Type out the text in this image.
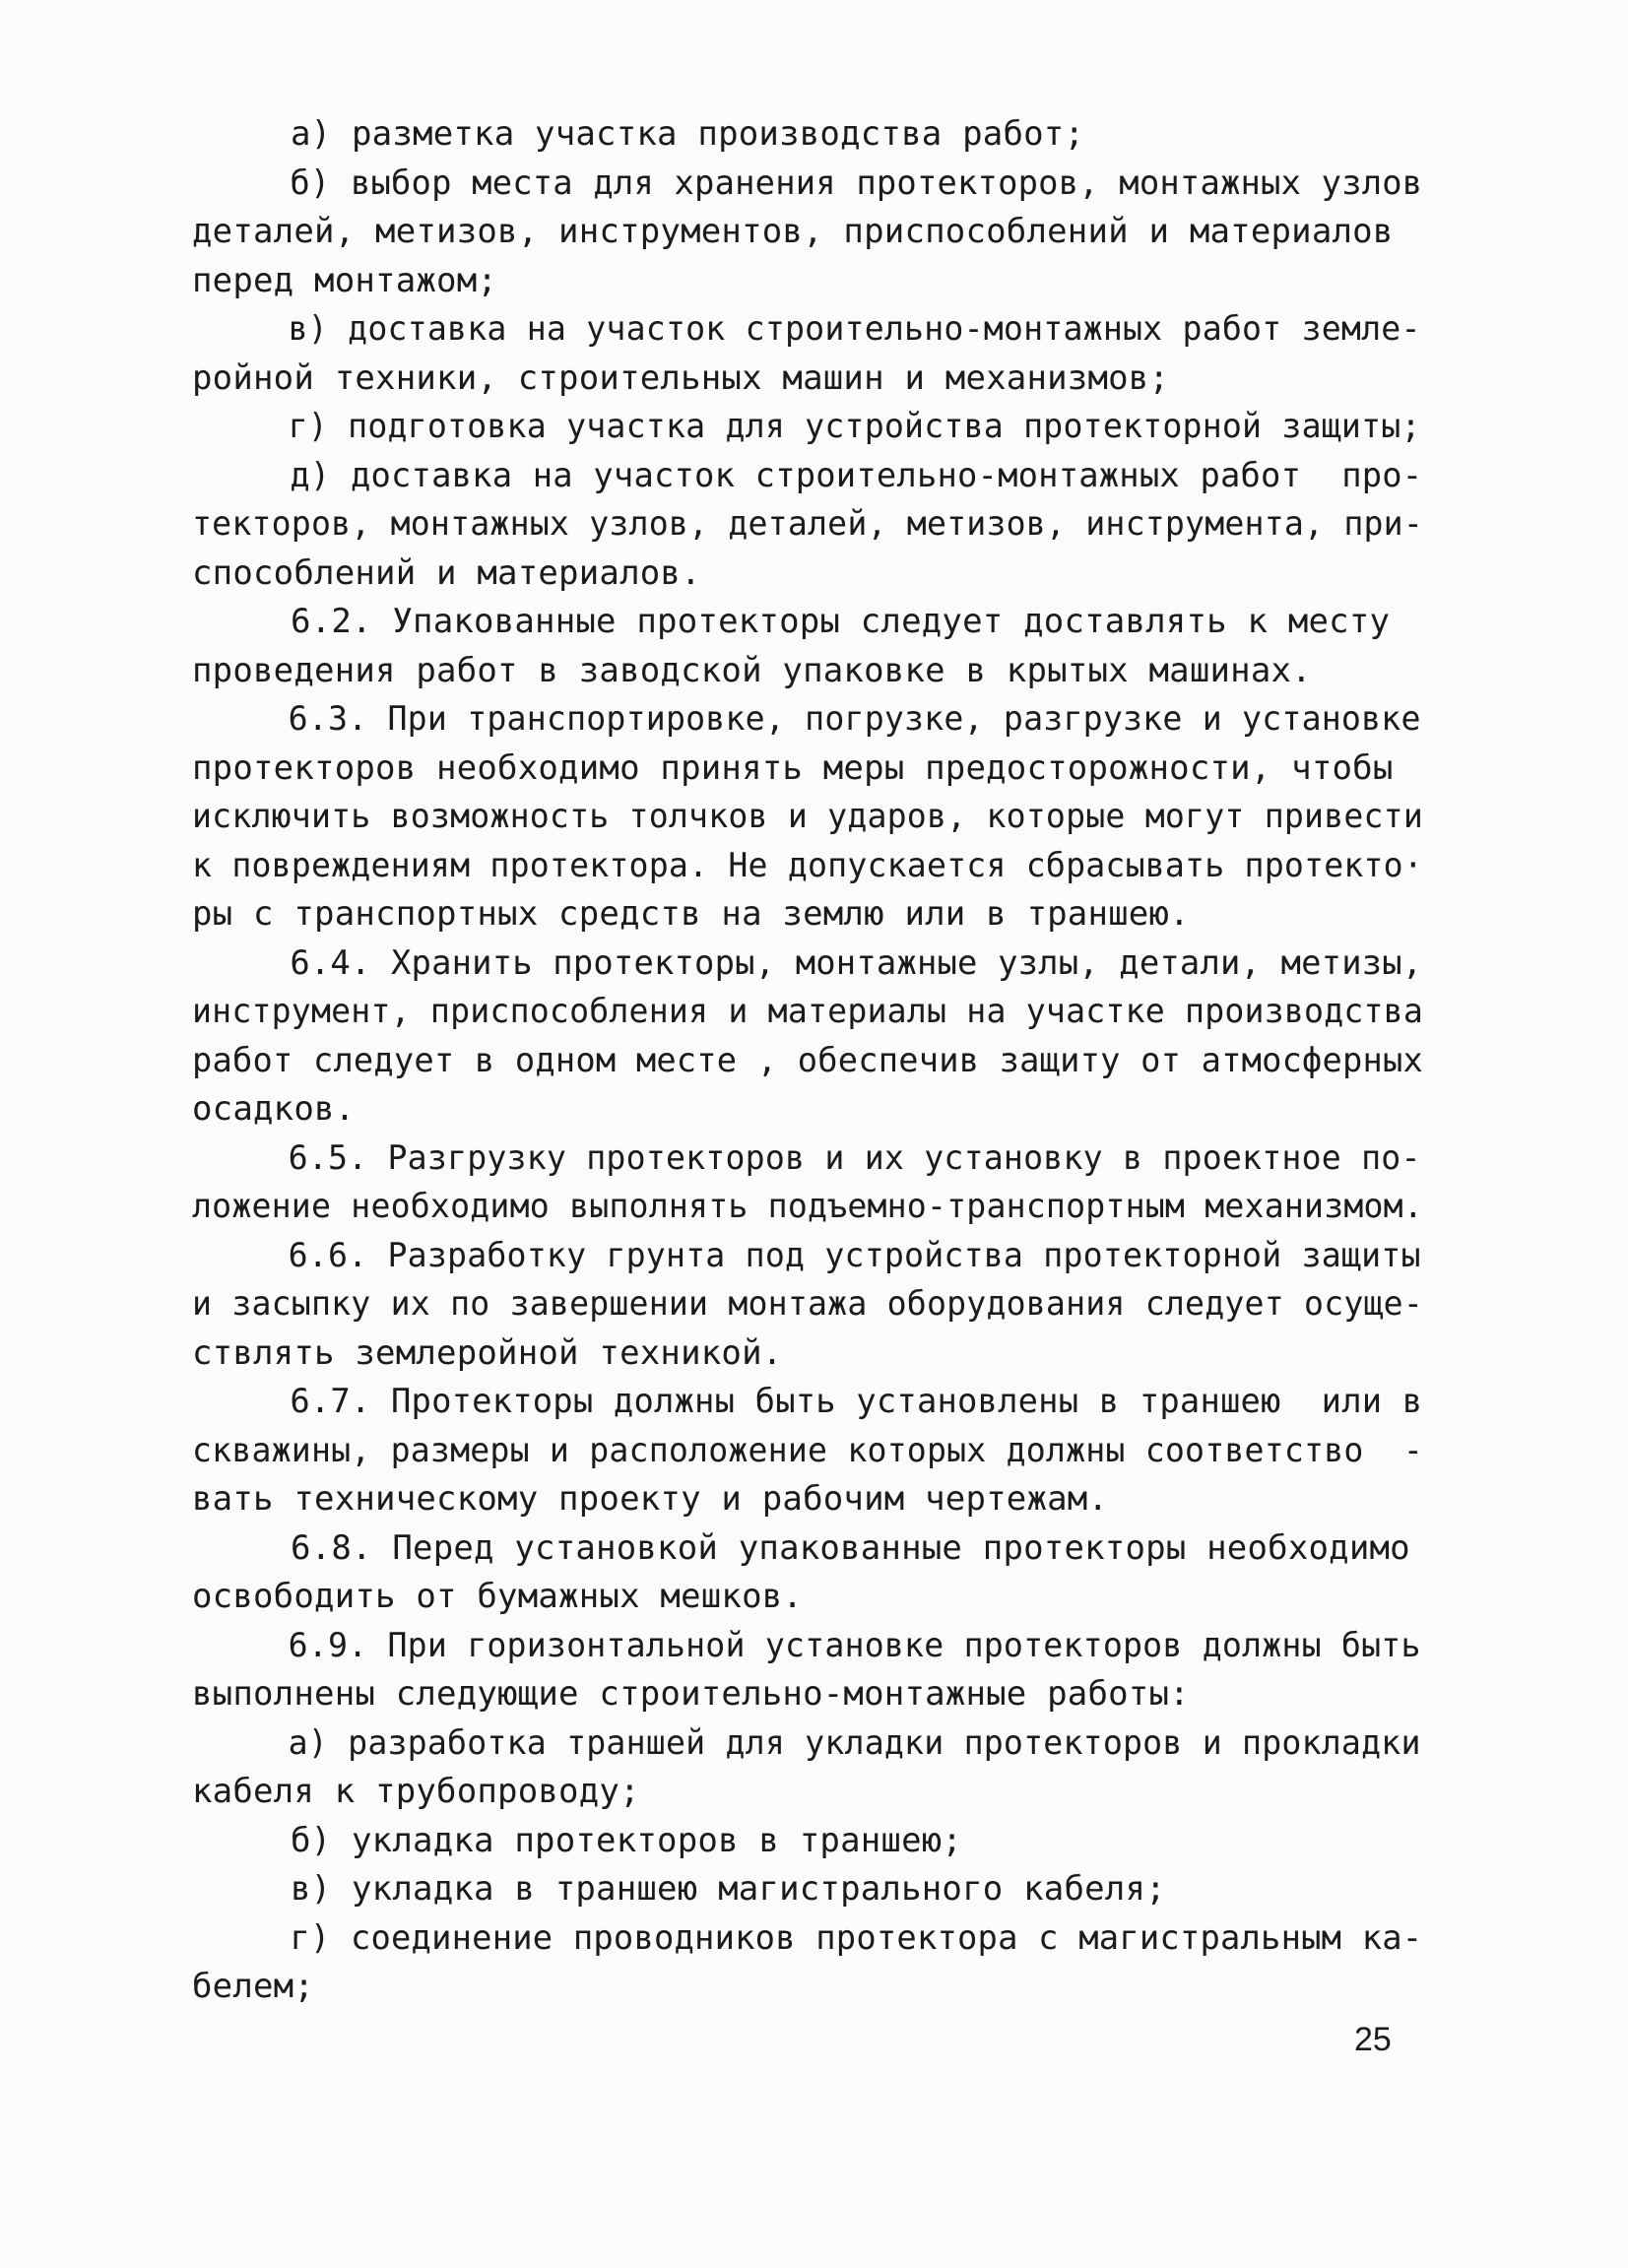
а) разметка участка производства работ;
б) выбор места для хранения протекторов, монтажных узлов
деталей, метизов, инструментов, приспособлений и материалов
перед монтажом;
в) доставка на участок строительно-монтажных работ земле-
ройной техники, строительных машин и механизмов;
г) подготовка участка для устройства протекторной защиты;
д) доставка на участок строительно-монтажных работ  про-
текторов, монтажных узлов, деталей, метизов, инструмента, при-
способлений и материалов.
6.2. Упакованные протекторы следует доставлять к месту
проведения работ в заводской упаковке в крытых машинах.
6.3. При транспортировке, погрузке, разгрузке и установке
протекторов необходимо принять меры предосторожности, чтобы
исключить возможность толчков и ударов, которые могут привести
к повреждениям протектора. Не допускается сбрасывать протекто·
ры с транспортных средств на землю или в траншею.
6.4. Хранить протекторы, монтажные узлы, детали, метизы,
инструмент, приспособления и материалы на участке производства
работ следует в одном месте , обеспечив защиту от атмосферных
осадков.
6.5. Разгрузку протекторов и их установку в проектное по-
ложение необходимо выполнять подъемно-транспортным механизмом.
6.6. Разработку грунта под устройства протекторной защиты
и засыпку их по завершении монтажа оборудования следует осуще-
ствлять землеройной техникой.
6.7. Протекторы должны быть установлены в траншею  или в
скважины, размеры и расположение которых должны соответство  -
вать техническому проекту и рабочим чертежам.
6.8. Перед установкой упакованные протекторы необходимо
освободить от бумажных мешков.
6.9. При горизонтальной установке протекторов должны быть
выполнены следующие строительно-монтажные работы:
а) разработка траншей для укладки протекторов и прокладки
кабеля к трубопроводу;
б) укладка протекторов в траншею;
в) укладка в траншею магистрального кабеля;
г) соединение проводников протектора с магистральным ка-
белем;
25
